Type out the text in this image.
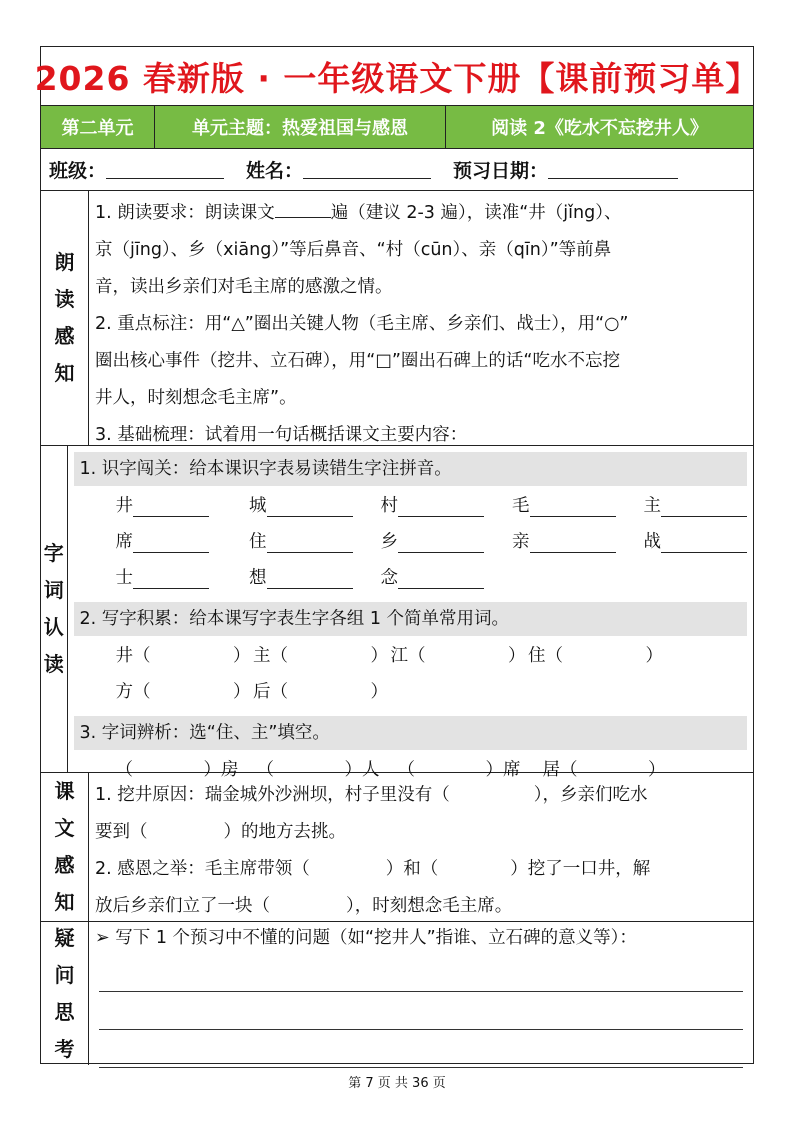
2026 春新版 · 一年级语文下册【课前预习单】
第二单元	单元主题：热爱祖国与感恩	阅读 2《吃水不忘挖井人》
班级：	姓名：	预习日期：
朗
读
感
知
1. 朗读要求：朗读课文	遍（建议 2-3 遍），读准“井（jǐng）、
京（jīng）、乡（xiāng）”等后鼻音、“村（cūn）、亲（qīn）”等前鼻
音，读出乡亲们对毛主席的感激之情。
2. 重点标注：用“△”圈出关键人物（毛主席、乡亲们、战士），用“○”
圈出核心事件（挖井、立石碑），用“□”圈出石碑上的话“吃水不忘挖
井人，时刻想念毛主席”。
3. 基础梳理：试着用一句话概括课文主要内容：
字
词
认
读
1. 识字闯关：给本课识字表易读错生字注拼音。
井	城	村	毛	主
席	住	乡	亲	战
士	想	念
2. 写字积累：给本课写字表生字各组 1 个简单常用词。
井 （	） 主 （	） 江 （	） 住 （	）
方 （	） 后 （	）
3. 字词辨析：选“住、主”填空。
（	） 房 （	） 人 （	） 席 居 （	）
课
文
感
知
1. 挖井原因：瑞金城外沙洲坝，村子里没有（	），乡亲们吃水
要到（	）的地方去挑。
2. 感恩之举：毛主席带领（	）和（	）挖了一口井，解
放后乡亲们立了一块（	），时刻想念毛主席。
疑
问
思
考
➢ 写下 1 个预习中不懂的问题（如“挖井人”指谁、立石碑的意义等）：
第 7 页 共 36 页
